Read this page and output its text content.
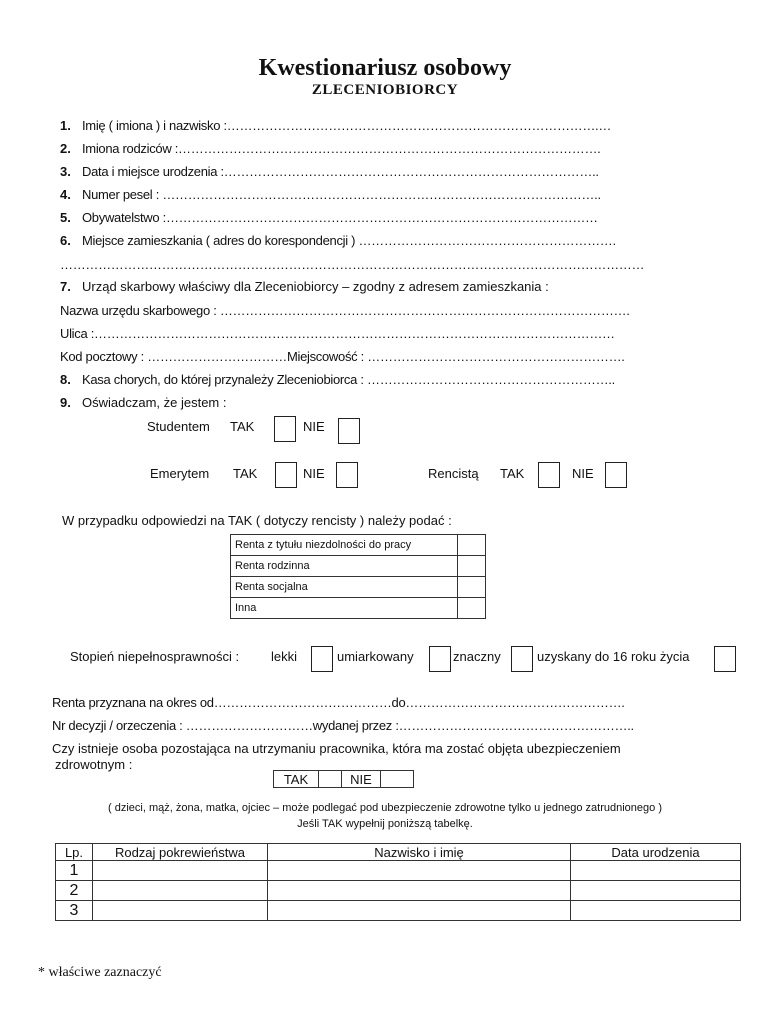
Kwestionariusz osobowy
ZLECENIOBIORCY
1. Imię ( imiona ) i nazwisko :…………………………………………………………………………….…
2. Imiona rodziców :……………………………………………………………………………………….
3. Data i miejsce urodzenia :……………………………………………………………………………..
4. Numer pesel : …………………………………………………………………………………………..
5. Obywatelstwo :…………………………………………………………………………………………
6. Miejsce zamieszkania ( adres do korespondencji ) …………………………………………………….
…………………………………………………………………………………………………………………………
7. Urząd skarbowy właściwy dla Zleceniobiorcy – zgodny z adresem zamieszkania :
Nazwa urzędu skarbowego : …………………………………………………………………………………….
Ulica :……………………………………………………………………………………………………………
Kod pocztowy : ……………………………Miejscowość : …………………………………………………….
8. Kasa chorych, do której przynależy Zleceniobiorca : …………………………………………………..
9. Oświadczam, że jestem :
Studentem TAK	NIE
Emerytem TAK	NIE	Rencistą TAK	NIE
W przypadku odpowiedzi na TAK ( dotyczy rencisty ) należy podać :
Renta z tytułu niezdolności do pracy	
Renta rodzinna	
Renta socjalna	
Inna	
Stopień niepełnosprawności : lekki	umiarkowany	znaczny	uzyskany do 16 roku życia
Renta przyznana na okres od……………………………………do…………………………………………….
Nr decyzji / orzeczenia : …………………………wydanej przez :………………………………………………..
Czy istnieje osoba pozostająca na utrzymaniu pracownika, która ma zostać objęta ubezpieczeniem
zdrowotnym :
TAK		NIE	
( dzieci, mąż, żona, matka, ojciec – może podlegać pod ubezpieczenie zdrowotne tylko u jednego zatrudnionego )
Jeśli TAK wypełnij poniższą tabelkę.
Lp.	Rodzaj pokrewieństwa	Nazwisko i imię	Data urodzenia
1			
2			
3			
* właściwe zaznaczyć
